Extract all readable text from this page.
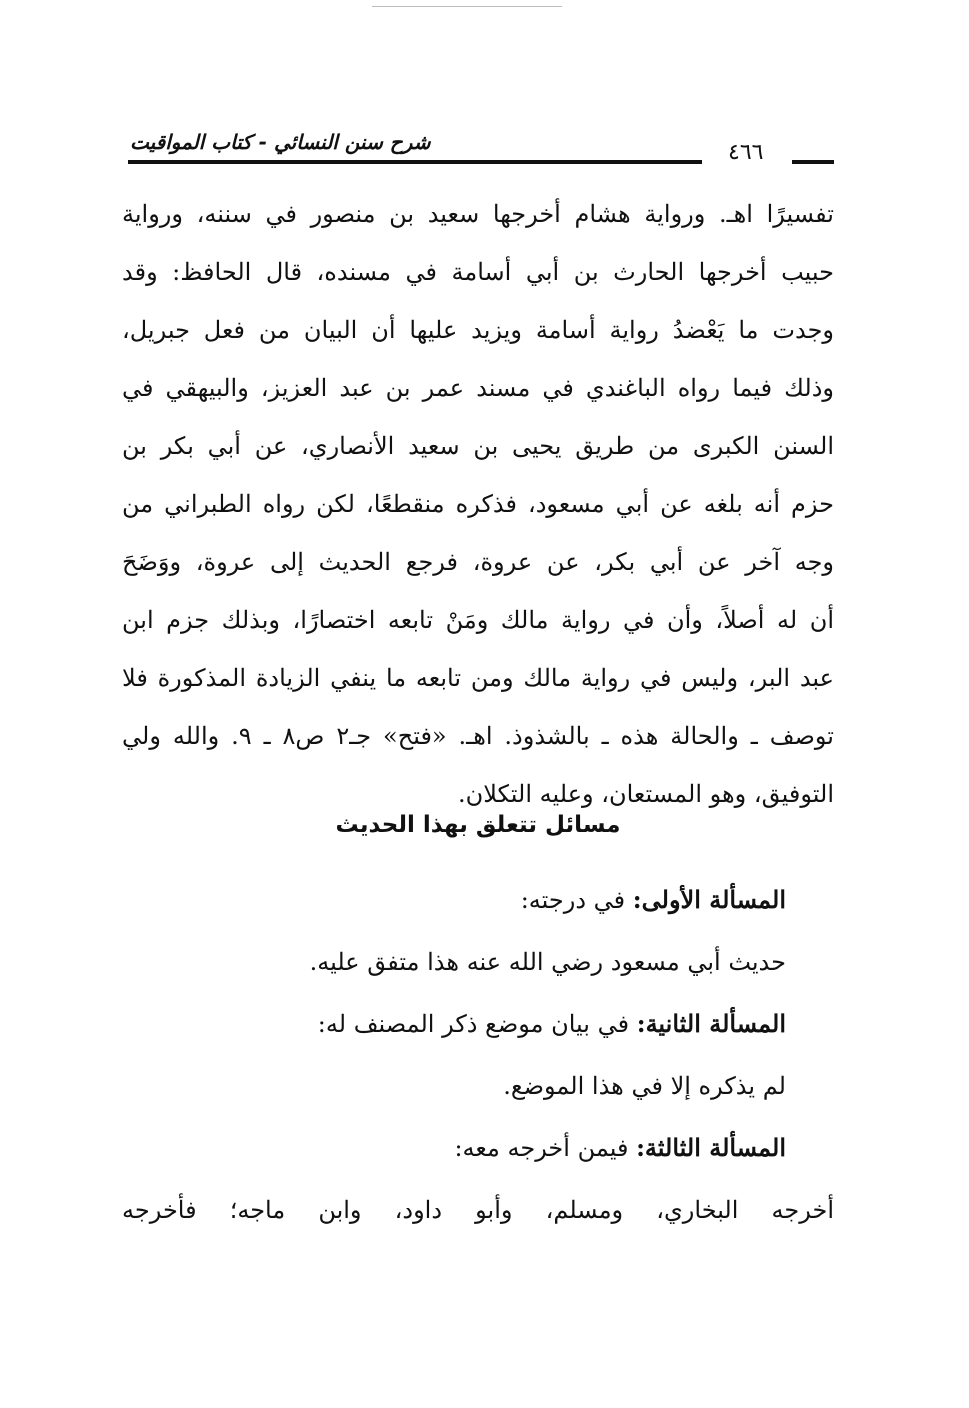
شرح سنن النسائي - كتاب المواقيت	٤٦٦
تفسيرًا اهـ. ورواية هشام أخرجها سعيد بن منصور في سننه، ورواية
حبيب أخرجها الحارث بن أبي أسامة في مسنده، قال الحافظ: وقد
وجدت ما يَعْضدُ رواية أسامة ويزيد عليها أن البيان من فعل جبريل،
وذلك فيما رواه الباغندي في مسند عمر بن عبد العزيز، والبيهقي في
السنن الكبرى من طريق يحيى بن سعيد الأنصاري، عن أبي بكر بن
حزم أنه بلغه عن أبي مسعود، فذكره منقطعًا، لكن رواه الطبراني من
وجه آخر عن أبي بكر، عن عروة، فرجع الحديث إلى عروة، ووَضَحَ
أن له أصلاً، وأن في رواية مالك ومَنْ تابعه اختصارًا، وبذلك جزم ابن
عبد البر، وليس في رواية مالك ومن تابعه ما ينفي الزيادة المذكورة فلا
توصف ـ والحالة هذه ـ بالشذوذ. اهـ. «فتح» جـ٢ ص٨ ـ ٩. والله ولي
التوفيق، وهو المستعان، وعليه التكلان.
مسائل تتعلق بهذا الحديث
المسألة الأولى: في درجته:
حديث أبي مسعود رضي الله عنه هذا متفق عليه.
المسألة الثانية: في بيان موضع ذكر المصنف له:
لم يذكره إلا في هذا الموضع.
المسألة الثالثة: فيمن أخرجه معه:
أخرجه البخاري، ومسلم، وأبو داود، وابن ماجه؛ فأخرجه
